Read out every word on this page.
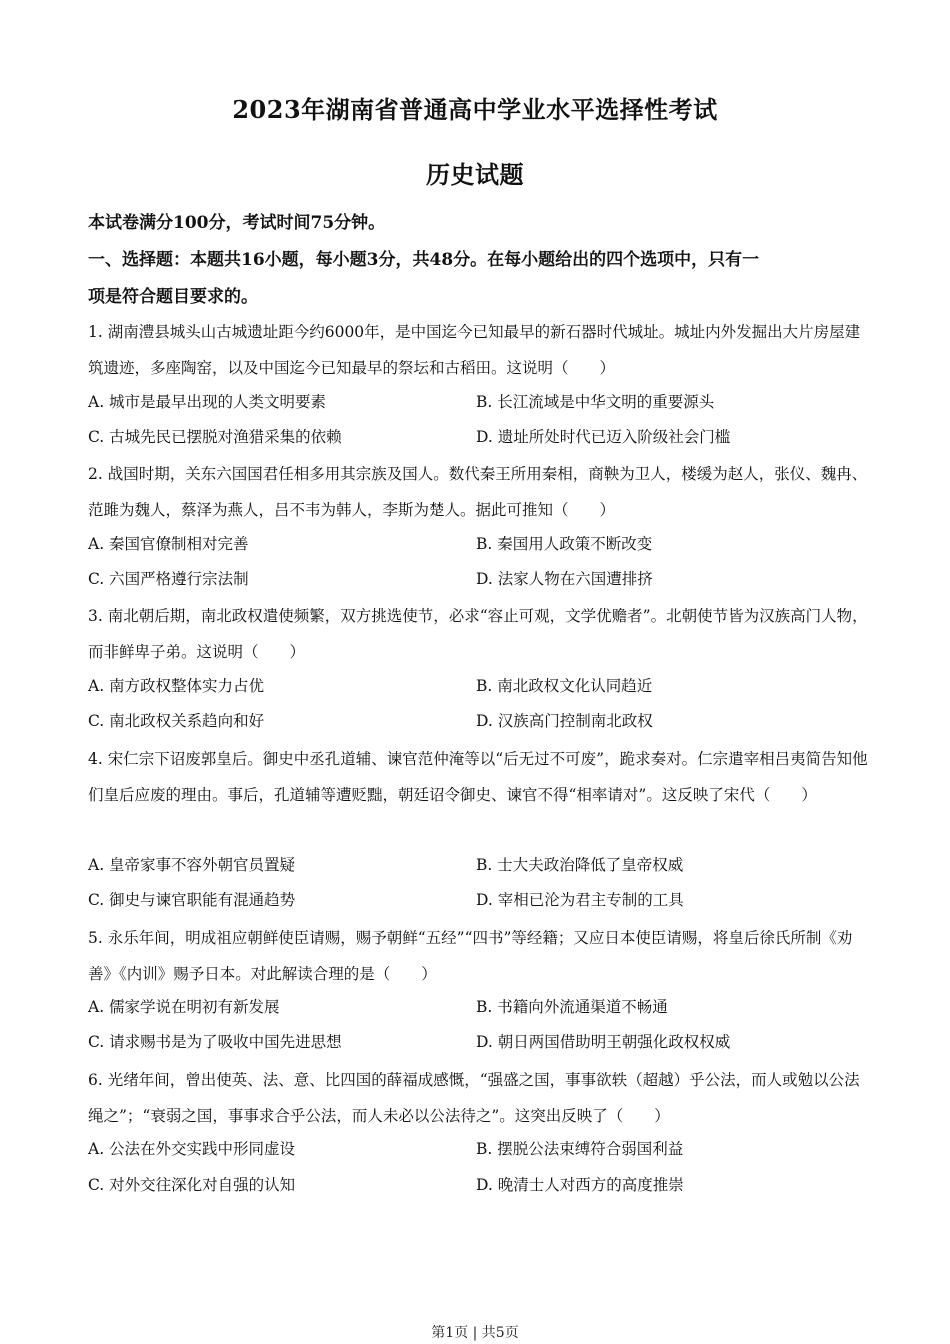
2023年湖南省普通高中学业水平选择性考试
历史试题
本试卷满分100分，考试时间75分钟。
一、选择题：本题共16小题，每小题3分，共48分。在每小题给出的四个选项中，只有一
项是符合题目要求的。
1. 湖南澧县城头山古城遗址距今约6000年，是中国迄今已知最早的新石器时代城址。城址内外发掘出大片房屋建筑遗迹，多座陶窑，以及中国迄今已知最早的祭坛和古稻田。这说明（　　）
A. 城市是最早出现的人类文明要素	B. 长江流域是中华文明的重要源头
C. 古城先民已摆脱对渔猎采集的依赖	D. 遗址所处时代已迈入阶级社会门槛
2. 战国时期，关东六国国君任相多用其宗族及国人。数代秦王所用秦相，商鞅为卫人，楼缓为赵人，张仪、魏冉、范雎为魏人，蔡泽为燕人，吕不韦为韩人，李斯为楚人。据此可推知（　　）
A. 秦国官僚制相对完善	B. 秦国用人政策不断改变
C. 六国严格遵行宗法制	D. 法家人物在六国遭排挤
3. 南北朝后期，南北政权遣使频繁，双方挑选使节，必求“容止可观，文学优赡者”。北朝使节皆为汉族高门人物，而非鲜卑子弟。这说明（　　）
A. 南方政权整体实力占优	B. 南北政权文化认同趋近
C. 南北政权关系趋向和好	D. 汉族高门控制南北政权
4. 宋仁宗下诏废郭皇后。御史中丞孔道辅、谏官范仲淹等以“后无过不可废”，跪求奏对。仁宗遣宰相吕夷简告知他们皇后应废的理由。事后，孔道辅等遭贬黜，朝廷诏令御史、谏官不得“相率请对”。这反映了宋代（　　）
A. 皇帝家事不容外朝官员置疑	B. 士大夫政治降低了皇帝权威
C. 御史与谏官职能有混通趋势	D. 宰相已沦为君主专制的工具
5. 永乐年间，明成祖应朝鲜使臣请赐，赐予朝鲜“五经”“四书”等经籍；又应日本使臣请赐，将皇后徐氏所制《劝善》《内训》赐予日本。对此解读合理的是（　　）
A. 儒家学说在明初有新发展	B. 书籍向外流通渠道不畅通
C. 请求赐书是为了吸收中国先进思想	D. 朝日两国借助明王朝强化政权权威
6. 光绪年间，曾出使英、法、意、比四国的薛福成感慨，“强盛之国，事事欲轶（超越）乎公法，而人或勉以公法绳之”；“衰弱之国，事事求合乎公法，而人未必以公法待之”。这突出反映了（　　）
A. 公法在外交实践中形同虚设	B. 摆脱公法束缚符合弱国利益
C. 对外交往深化对自强的认知	D. 晚清士人对西方的高度推崇
第1页 | 共5页
